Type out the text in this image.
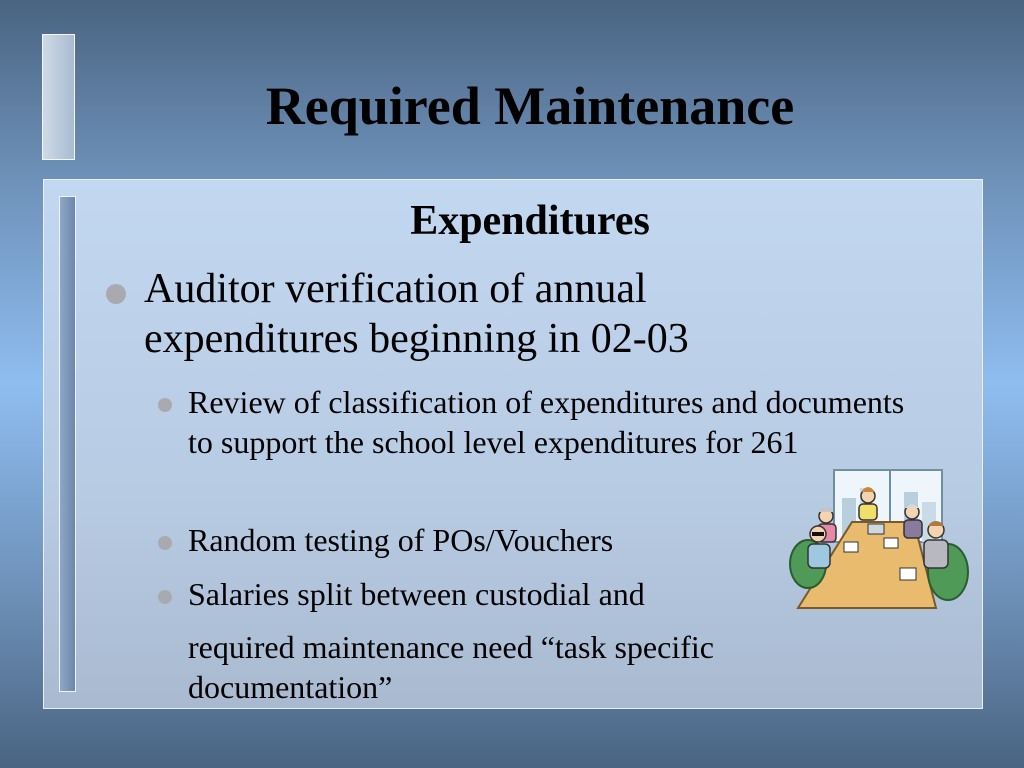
Required Maintenance
Expenditures
Auditor verification of annual expenditures beginning in 02-03
Review of classification of expenditures and documents to support the school level expenditures for 261
Random testing of POs/Vouchers
Salaries split between custodial and
required maintenance need “task specific documentation”
